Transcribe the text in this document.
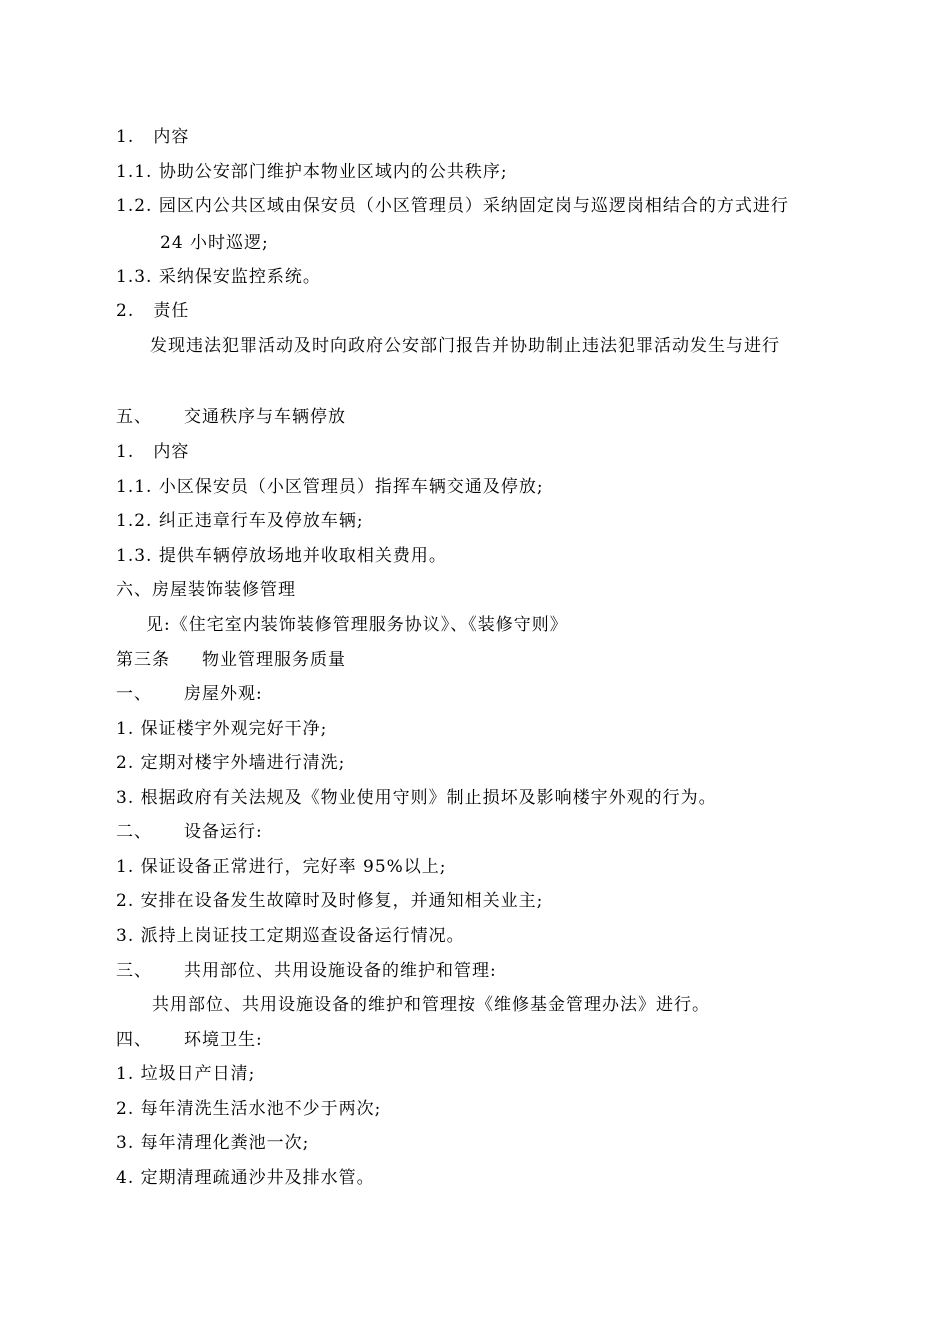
1.   内容
1.1. 协助公安部门维护本物业区域内的公共秩序;
1.2. 园区内公共区域由保安员（小区管理员）采纳固定岗与巡逻岗相结合的方式进行
24 小时巡逻;
1.3. 采纳保安监控系统。
2.   责任
发现违法犯罪活动及时向政府公安部门报告并协助制止违法犯罪活动发生与进行
五、     交通秩序与车辆停放
1.   内容
1.1. 小区保安员（小区管理员）指挥车辆交通及停放;
1.2. 纠正违章行车及停放车辆;
1.3. 提供车辆停放场地并收取相关费用。
六、房屋装饰装修管理
见:《住宅室内装饰装修管理服务协议》、《装修守则》
第三条     物业管理服务质量
一、     房屋外观:
1. 保证楼宇外观完好干净;
2. 定期对楼宇外墙进行清洗;
3. 根据政府有关法规及《物业使用守则》制止损坏及影响楼宇外观的行为。
二、     设备运行:
1. 保证设备正常进行，完好率 95%以上;
2. 安排在设备发生故障时及时修复，并通知相关业主;
3. 派持上岗证技工定期巡查设备运行情况。
三、     共用部位、共用设施设备的维护和管理:
共用部位、共用设施设备的维护和管理按《维修基金管理办法》进行。
四、     环境卫生:
1. 垃圾日产日清;
2. 每年清洗生活水池不少于两次;
3. 每年清理化粪池一次;
4. 定期清理疏通沙井及排水管。
